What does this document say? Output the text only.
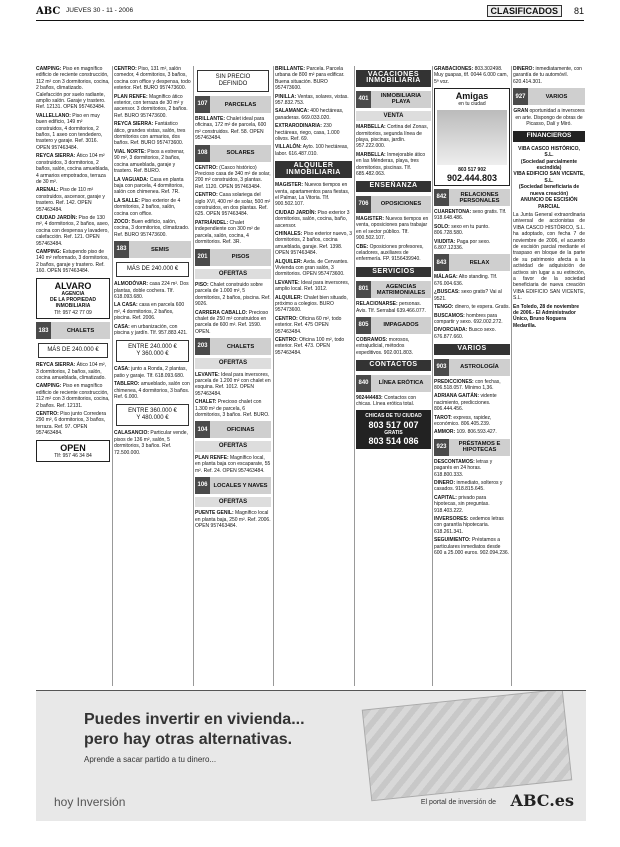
ABC JUEVES 30 - 11 - 2006	CLASIFICADOS	81

CAMPING: Piso en magnífico edificio de reciente construcción, 112 m² con 3 dormitorios, cocina, 2 baños, climatizado. Calefacción por suelo radiante, amplio salón. Garaje y trastero. Ref. 12131. OPEN 957463484.

VALLELLANO: Piso en muy buen edificio, 149 m² construidos, 4 dormitorios, 2 baños, 1 aseo con tendedero, trastero y garaje. Ref. 3016. OPEN 957463484.

REYCA SIERRA: Ático 104 m² construidos, 3 dormitorios, 2 baños, salón, cocina amueblada, 4 armarios empotrados, terraza de 30 m².

ARENAL: Piso de 110 m² construidos, ascensor, garaje y trastero. Ref. 142. OPEN 957463484.

CIUDAD JARDÍN: Piso de 130 m², 4 dormitorios, 2 baños, aseo, cocina con despensa y lavadero, calefacción. Ref. 121. OPEN 957463484.

CAMPING: Estupendo piso de 140 m² reformado, 3 dormitorios, 2 baños, garaje y trastero. Ref. 160. OPEN 957463484.

ALVARO
AGENCIA
DE LA PROPIEDAD
INMOBILIARIA
Tlf: 957 42 77 09
183	CHALETS
MÁS DE 240.000 €

REYCA SIERRA: Ático 104 m², 3 dormitorios, 2 baños, salón, cocina amueblada, climatizado.

CAMPING: Piso en magnífico edificio de reciente construcción, 112 m² con 3 dormitorios, cocina, 2 baños. Ref. 12131.

CENTRO: Piso junto Corredera 290 m², 6 dormitorios, 3 baños, terraza. Ref. 97. OPEN 957463484.

OPEN
Tlf: 957 46 34 84

CENTRO: Piso, 131 m², salón comedor, 4 dormitorios, 3 baños, cocina con office y despensa, todo exterior. Ref. BURO 957473600.

PLAN RENFE: Magnífico ático exterior, con terraza de 30 m² y ascensor. 3 dormitorios, 2 baños. Ref. BURO 957473600.

REYCA SIERRA: Fantástico ático, grandes vistas, salón, tres dormitorios con armarios, dos baños. Ref. BURO 957473600.

VIAL NORTE: Pisos a estrenar, 90 m², 3 dormitorios, 2 baños, cocina amueblada, garaje y trastero. Ref. BURO.

LA VAGUADA: Casa en planta baja con parcela, 4 dormitorios, salón con chimenea. Ref. 7R.

LA SALLE: Piso exterior de 4 dormitorios, 2 baños, salón, cocina con office.

ZOCO: Buen edificio, salón, cocina, 3 dormitorios, climatizado. Ref. BURO 957473600.

183	SEMIS
MÁS DE 240.000 €

ALMODÓVAR: casa 224 m². Dos plantas, doble cochera. Tlf. 618.093.680.

LA CASA: casa en parcela 600 m², 4 dormitorios, 2 baños, piscina. Ref. 2006.

CASA: en urbanización, con piscina y jardín. Tlf. 957.883.421.

ENTRE 240.000 €
Y 360.000 €

CASA: junto a Ronda, 2 plantas, patio y garaje. Tlf. 618.093.680.

TABLERO: amueblado, salón con chimenea, 4 dormitorios, 3 baños. Ref. 6.000.

ENTRE 360.000 €
Y 480.000 €

CALASANCIO: Particular vende, pisos de 136 m², salón, 5 dormitorios, 3 baños. Ref. 72.500.000.

SIN PRECIO
DEFINIDO
107	PARCELAS

BRILLANTE: Chalet ideal para oficinas, 172 m² de parcela, 600 m² construidos. Ref. 58. OPEN 957463484.

108	SOLARES

CENTRO: (Casco histórico) Precioso casa de 340 m² de solar, 200 m² construidos, 3 plantas. Ref. 1120. OPEN 957463484.

CENTRO: Casa solariega del siglo XVI, 400 m² de solar, 500 m² construidos, en dos plantas. Ref. 625. OPEN 957463484.

PATRIÁNDEL: Chalet independiente con 300 m² de parcela, salón, cocina, 4 dormitorios. Ref. 3R.

201	PISOS
OFERTAS

PISO: Chalet construido sobre parcela de 1.000 m², 5 dormitorios, 2 baños, piscina. Ref. 9026.

CARRERA CABALLO: Precioso chalet de 250 m² construidos en parcela de 600 m². Ref. 1590. OPEN.

203	CHALETS
OFERTAS

LEVANTE: Ideal para inversores, parcela de 1.200 m² con chalet en esquina. Ref. 1012. OPEN 957463484.

CHALET: Precioso chalet con 1.300 m² de parcela, 6 dormitorios, 3 baños. Ref. BURO.

104	OFICINAS
OFERTAS

PLAN RENFE: Magnífico local, en planta baja con escaparate, 55 m². Ref. 24. OPEN 957463484.

106	LOCALES Y NAVES
OFERTAS

PUENTE GENIL: Magnífico local en planta baja, 250 m². Ref. 2006. OPEN 957463484.

BRILLANTE: Parcela. Parcela urbana de 800 m² para edificar. Buena situación. BURO 957473600.

PINILLA: Ventas, solares, vistas. 957.832.753.

SALAMANCA: 400 hectáreas, ganaderas. 669.033.020.

EXTRARODINARIA: 230 hectáreas, riego, casa, 1.000 olivos. Ref. 69.

VILLALÓN: Ayto. 100 hectáreas, labor. 616.487.010.

ALQUILER INMOBILIARIA

MAGISTER: Nuevos tiempos en venta, apartamentos para fiestas, el Palmar, La Vitoria. Tlf. 900.502.107.

CIUDAD JARDÍN: Piso exterior 3 dormitorios, salón, cocina, baño, ascensor.

CHINALES: Piso exterior nuevo, 3 dormitorios, 2 baños, cocina amueblada, garaje. Ref. 1398. OPEN 957463484.

ALQUILER: Avda. de Cervantes. Vivienda con gran salón, 3 dormitorios. OPEN 957473600.

LEVANTE: Ideal para inversores, amplio local. Ref. 1012.

ALQUILER: Chalet bien situado, próximo a colegios. BURO 957473600.

CENTRO: Oficina 60 m², todo exterior. Ref. 475 OPEN 957463484.

CENTRO: Oficina 100 m², todo exterior. Ref. 473. OPEN 957463484.

VACACIONES INMOBILIARIA
401	INMOBILIARIA PLAYA
VENTA

MARBELLA: Cortina del Zonas, dormitorios, segunda línea de playa, piscinas, jardín. 957.222.000.

MARBELLA: Inmejorable ático en las Ménderas, playa, tres dormitorios, piscinas. Tlf. 685.482.063.

ENSEÑANZA
706	OPOSICIONES

MAGISTER: Nuevos tiempos en venta, oposiciones para trabajar en el sector público. Tlf. 900.502.107.

CBE: Oposiciones profesores, celadores, auxiliares de enfermería. FP. 9156439940.

SERVICIOS
801	AGENCIAS MATRIMONIALES

RELACIONARSE: personas. Avis. Tlf. Serrabal 639.466.077.

805	IMPAGADOS

COBRAMOS: morosos, extrajudicial, métodos expeditivos. 902.001.803.

CONTACTOS
840	LÍNEA ERÓTICA

902444483: Contactos con chicas. Línea erótica total.

CHICAS DE TU CIUDAD
803 517 007
GRATIS
803 514 086

GRABACIONES: 803.302498. Muy guapas, tlf. 0044 6.000 cam, 5ª voz.

Amigas
en tu ciudad
803 517 902
902.444.803
842	RELACIONES PERSONALES

CUARENTONA: sexo gratis. Tlf. 918.648.486.

SOLO: sexo en tu punto. 806.728.580.

VIUDITA: Paga por sexo. 6.807.12336.

843	RELAX

MÁLAGA: Alto standing. Tlf. 676.004.636.

¿BUSCAS: sexo gratis? Vai al 9521.

TENGO: dinero, te espera. Gratis.

BUSCAMOS: hombres para compartir y sexo. 692.002.272.

DIVORCIADA: Busco sexo. 676.877.660.

VARIOS
903	ASTROLOGÍA

PREDICCIONES: con fechas, 806.518.057. Mínimo 1,36.

ADRIANA GAITÁN: vidente nacimiento, predicciones. 806.444.456.

TAROT: express, rapidez, económico. 806.405.239.

AMMOR: 109. 806.593.427.

923	PRÉSTAMOS E HIPOTECAS

DESCONTAMOS: letras y pagarés en 24 horas. 618.800.333.

DINERO: inmediato, solteros y casados. 918.815.645.

CAPITAL: privado para hipotecas, sin preguntas. 918.403.222.

INVERSORES: cedemos letras con garantía hipotecaria. 618.261.341.

SEGUIMIENTO: Préstamos a particulares inmediatos desde 600 a 25.000 euros. 902.094.236.

DINERO: inmediatamente, con garantía de tu automóvil. 620.414.301.

927	VARIOS

GRAN oportunidad a inversores en arte. Dispongo de obras de Picasso, Dalí y Miró.

FINANCIEROS
VIBA CASCO HISTÓRICO, S.L.
(Sociedad parcialmente escindida)
VIBA EDIFICIO SAN VICENTE, S.L.
(Sociedad beneficiaria de nueva creación)
ANUNCIO DE ESCISIÓN PARCIAL

La Junta General extraordinaria universal de accionistas de VIBA CASCO HISTÓRICO, S.L. ha adoptado, con fecha 7 de noviembre de 2006, el acuerdo de escisión parcial mediante el traspaso en bloque de la parte de su patrimonio afecta a la actividad de adquisición de activos sin lugar a su extinción, a favor de la sociedad beneficiaria de nueva creación VIBA EDIFICIO SAN VICENTE, S.L.

En Toledo, 28 de noviembre de 2006.- El Administrador Único, Bruno Noguera Medarilla.

Puedes invertir en vivienda...
pero hay otras alternativas.
Aprende a sacar partido a tu dinero...
hoy Inversión	El portal de inversión de ABC.es
